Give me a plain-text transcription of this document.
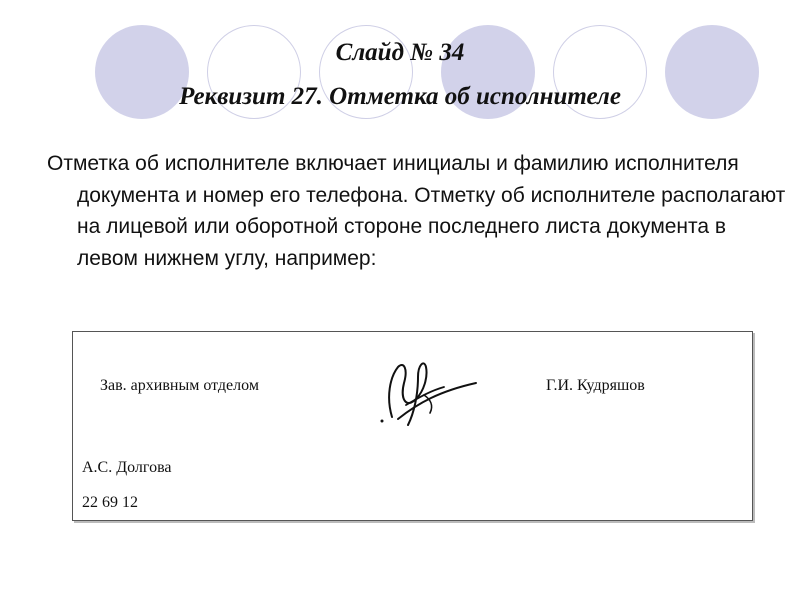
Слайд № 34
Реквизит 27. Отметка об исполнителе

Отметка об исполнителе включает инициалы и фамилию исполнителя документа и номер его телефона. Отметку об исполнителе располагают на лицевой или оборотной стороне последнего листа документа в левом нижнем углу, например:

Зав. архивным отделом	Г.И. Кудряшов
А.С. Долгова
22 69 12
